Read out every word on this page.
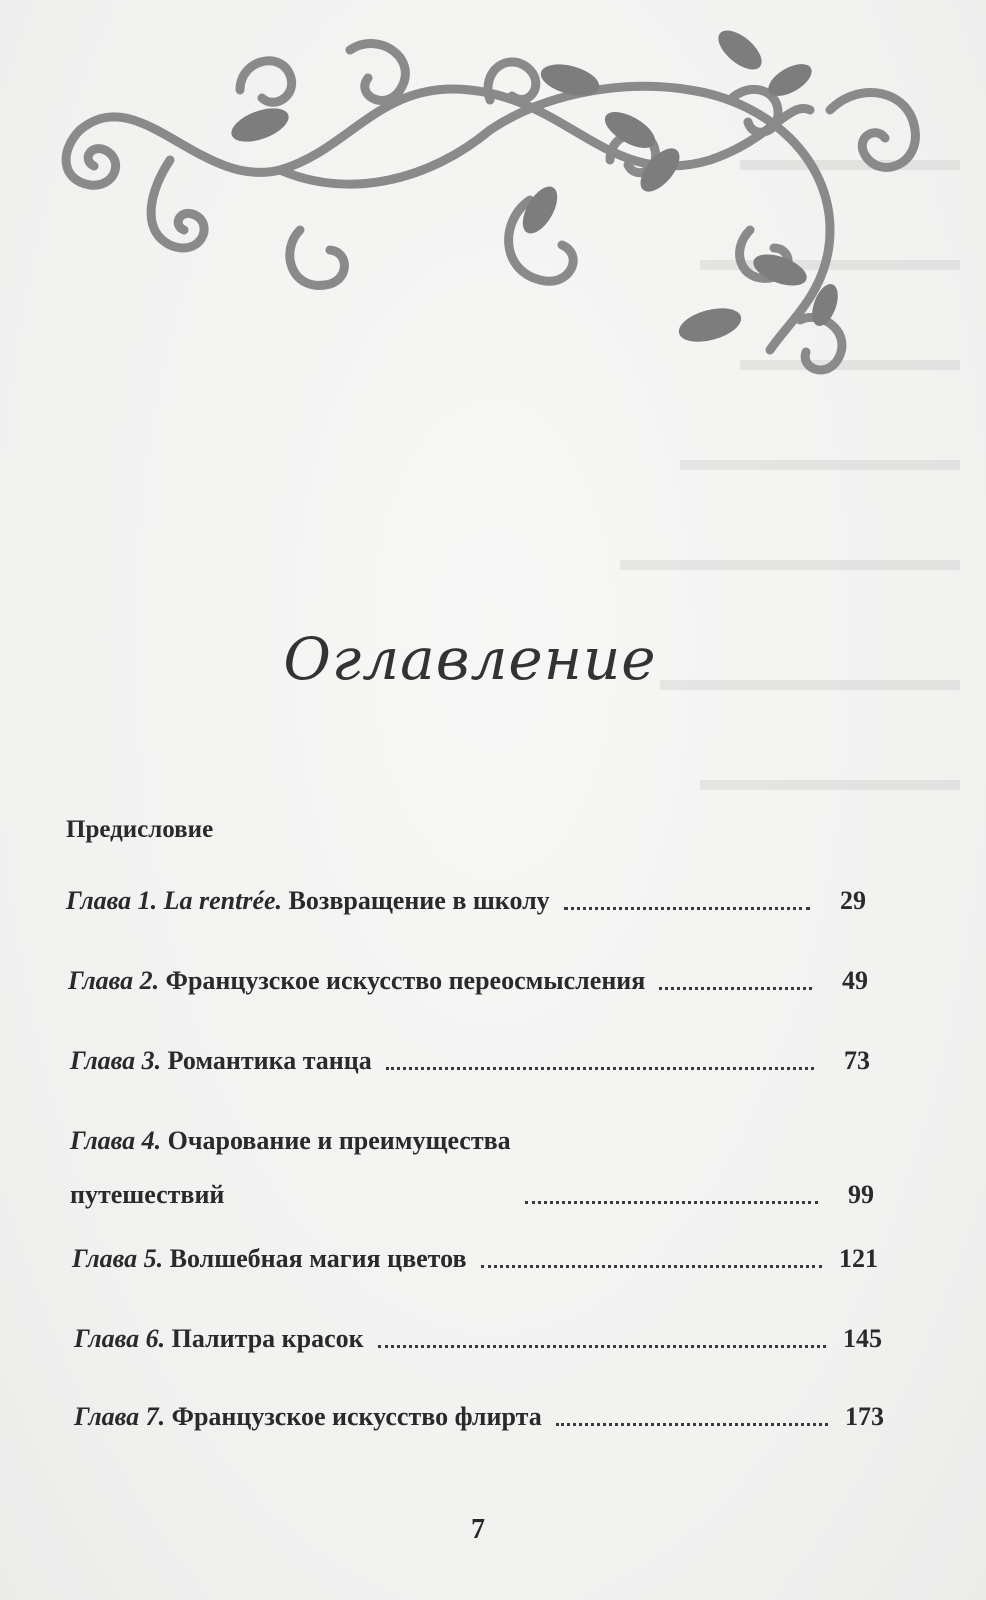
Оглавление

Предисловие

Глава 1. La rentrée. Возвращение в школу	29
Глава 2. Французское искусство переосмысления	49
Глава 3. Романтика танца	73
Глава 4. Очарование и преимущества
путешествий	99
Глава 5. Волшебная магия цветов	121
Глава 6. Палитра красок	145
Глава 7. Французское искусство флирта	173

7
